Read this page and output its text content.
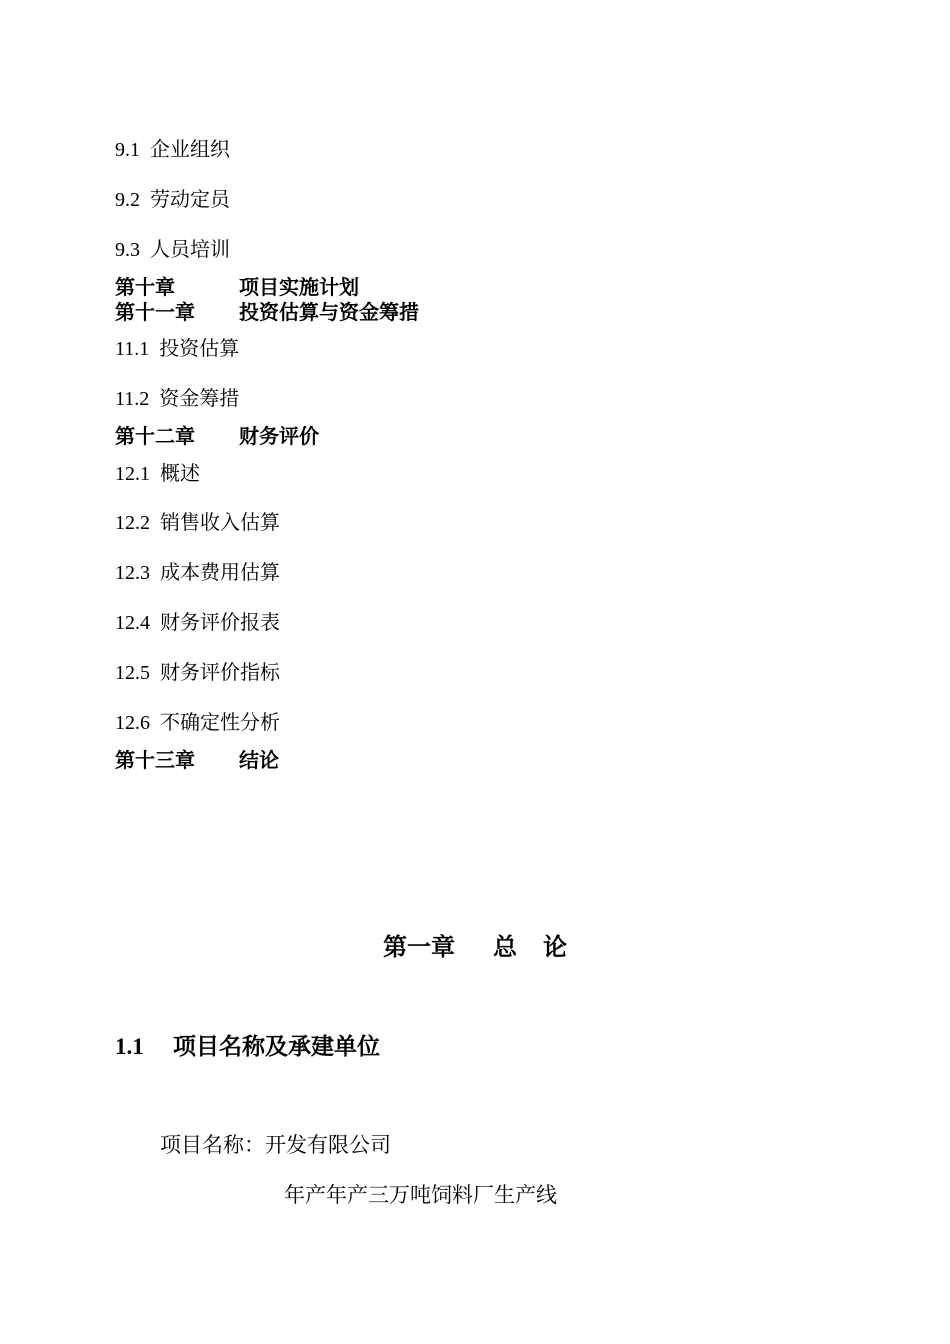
9.1 企业组织
9.2 劳动定员
9.3 人员培训
第十章	项目实施计划
第十一章 投资估算与资金筹措
11.1 投资估算
11.2 资金筹措
第十二章 财务评价
12.1 概述
12.2 销售收入估算
12.3 成本费用估算
12.4 财务评价报表
12.5 财务评价指标
12.6 不确定性分析
第十三章 结论
第一章 总 论
1.1 项目名称及承建单位
项目名称：开发有限公司
年产年产三万吨饲料厂生产线
